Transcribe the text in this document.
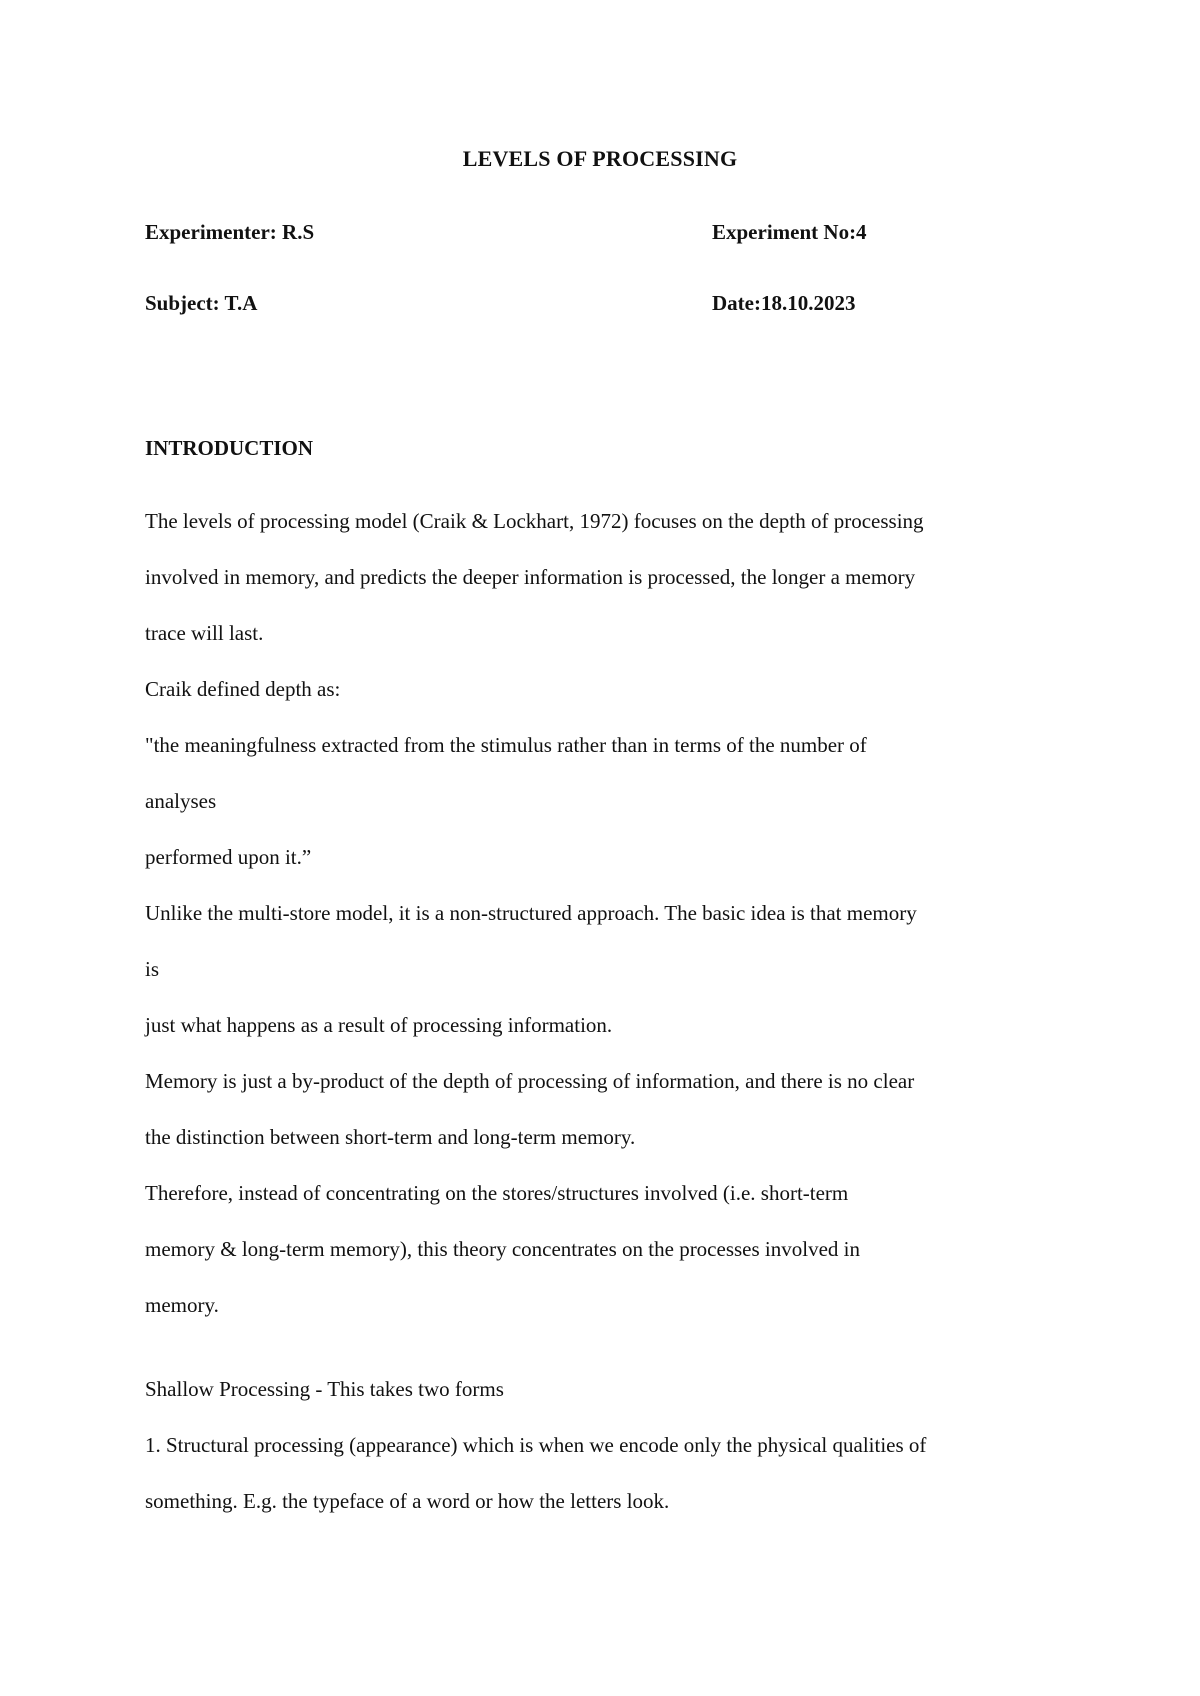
LEVELS OF PROCESSING
Experimenter: R.S	Experiment No:4
Subject: T.A	Date:18.10.2023
INTRODUCTION
The levels of processing model (Craik & Lockhart, 1972) focuses on the depth of processing
involved in memory, and predicts the deeper information is processed, the longer a memory
trace will last.
Craik defined depth as:
"the meaningfulness extracted from the stimulus rather than in terms of the number of
analyses
performed upon it.”
Unlike the multi-store model, it is a non-structured approach. The basic idea is that memory
is
just what happens as a result of processing information.
Memory is just a by-product of the depth of processing of information, and there is no clear
the distinction between short-term and long-term memory.
Therefore, instead of concentrating on the stores/structures involved (i.e. short-term
memory & long-term memory), this theory concentrates on the processes involved in
memory.
Shallow Processing - This takes two forms
1. Structural processing (appearance) which is when we encode only the physical qualities of
something. E.g. the typeface of a word or how the letters look.
